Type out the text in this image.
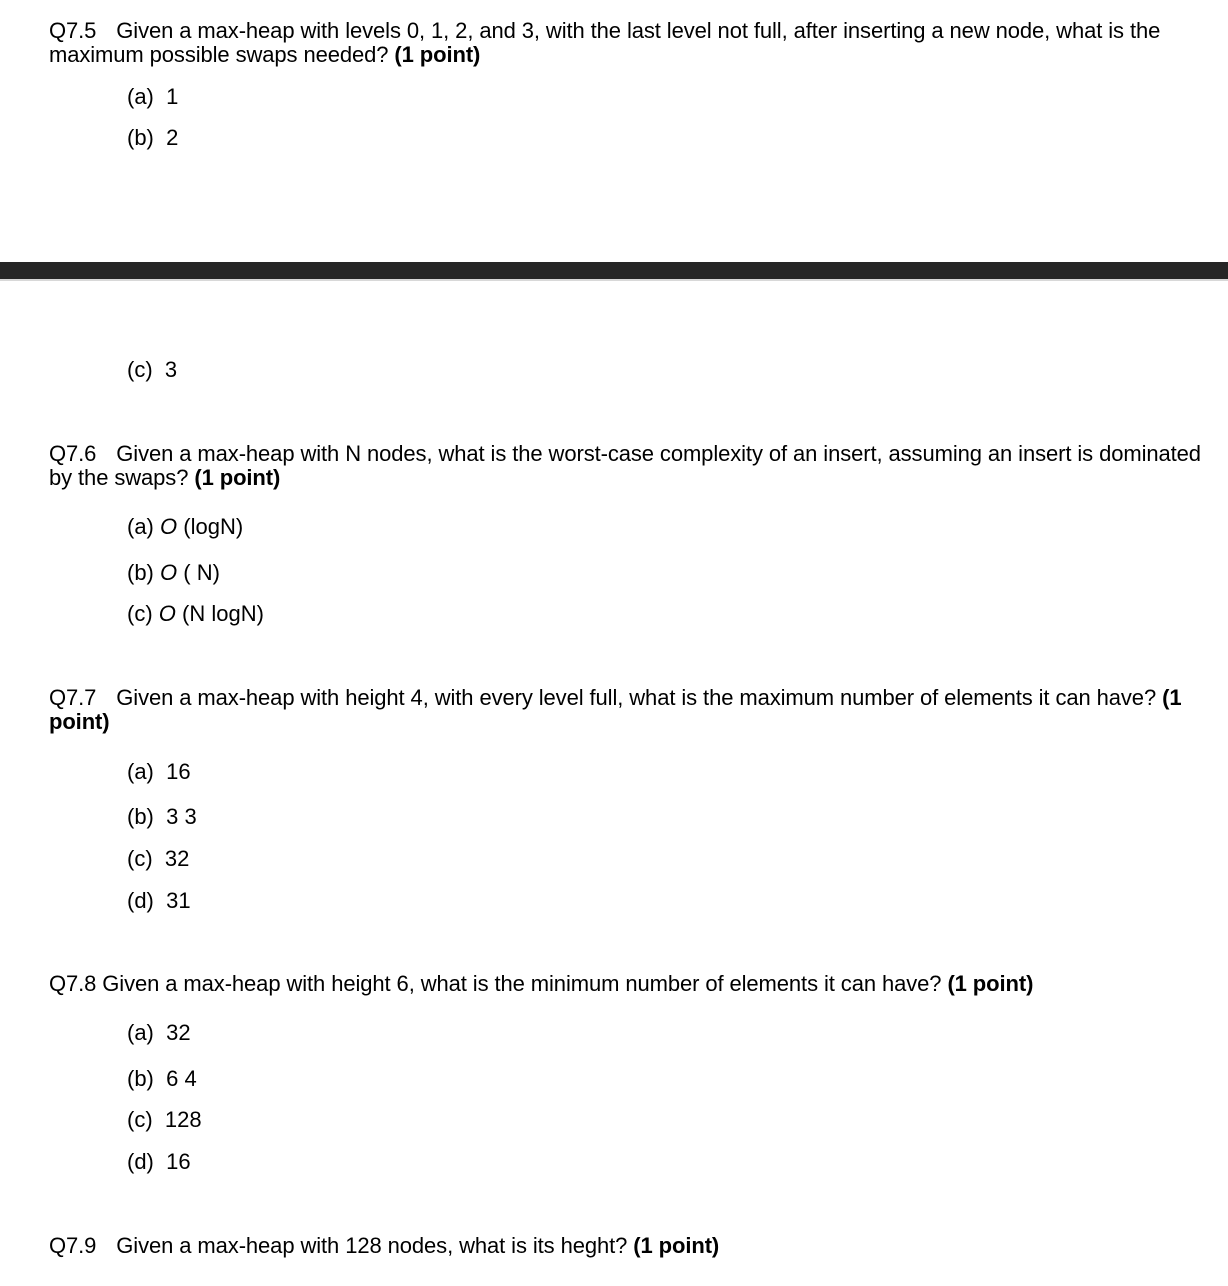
Q7.5 Given a max-heap with levels 0, 1, 2, and 3, with the last level not full, after inserting a new node, what is the maximum possible swaps needed? (1 point)
(a)  1
(b)  2
(c)  3
Q7.6 Given a max-heap with N nodes, what is the worst-case complexity of an insert, assuming an insert is dominated by the swaps? (1 point)
(a) O (logN)
(b) O ( N)
(c) O (N logN)
Q7.7 Given a max-heap with height 4, with every level full, what is the maximum number of elements it can have? (1 point)
(a)  16
(b)  3 3
(c)  32
(d)  31
Q7.8 Given a max-heap with height 6, what is the minimum number of elements it can have? (1 point)
(a)  32
(b)  6 4
(c)  128
(d)  16
Q7.9 Given a max-heap with 128 nodes, what is its heght? (1 point)
